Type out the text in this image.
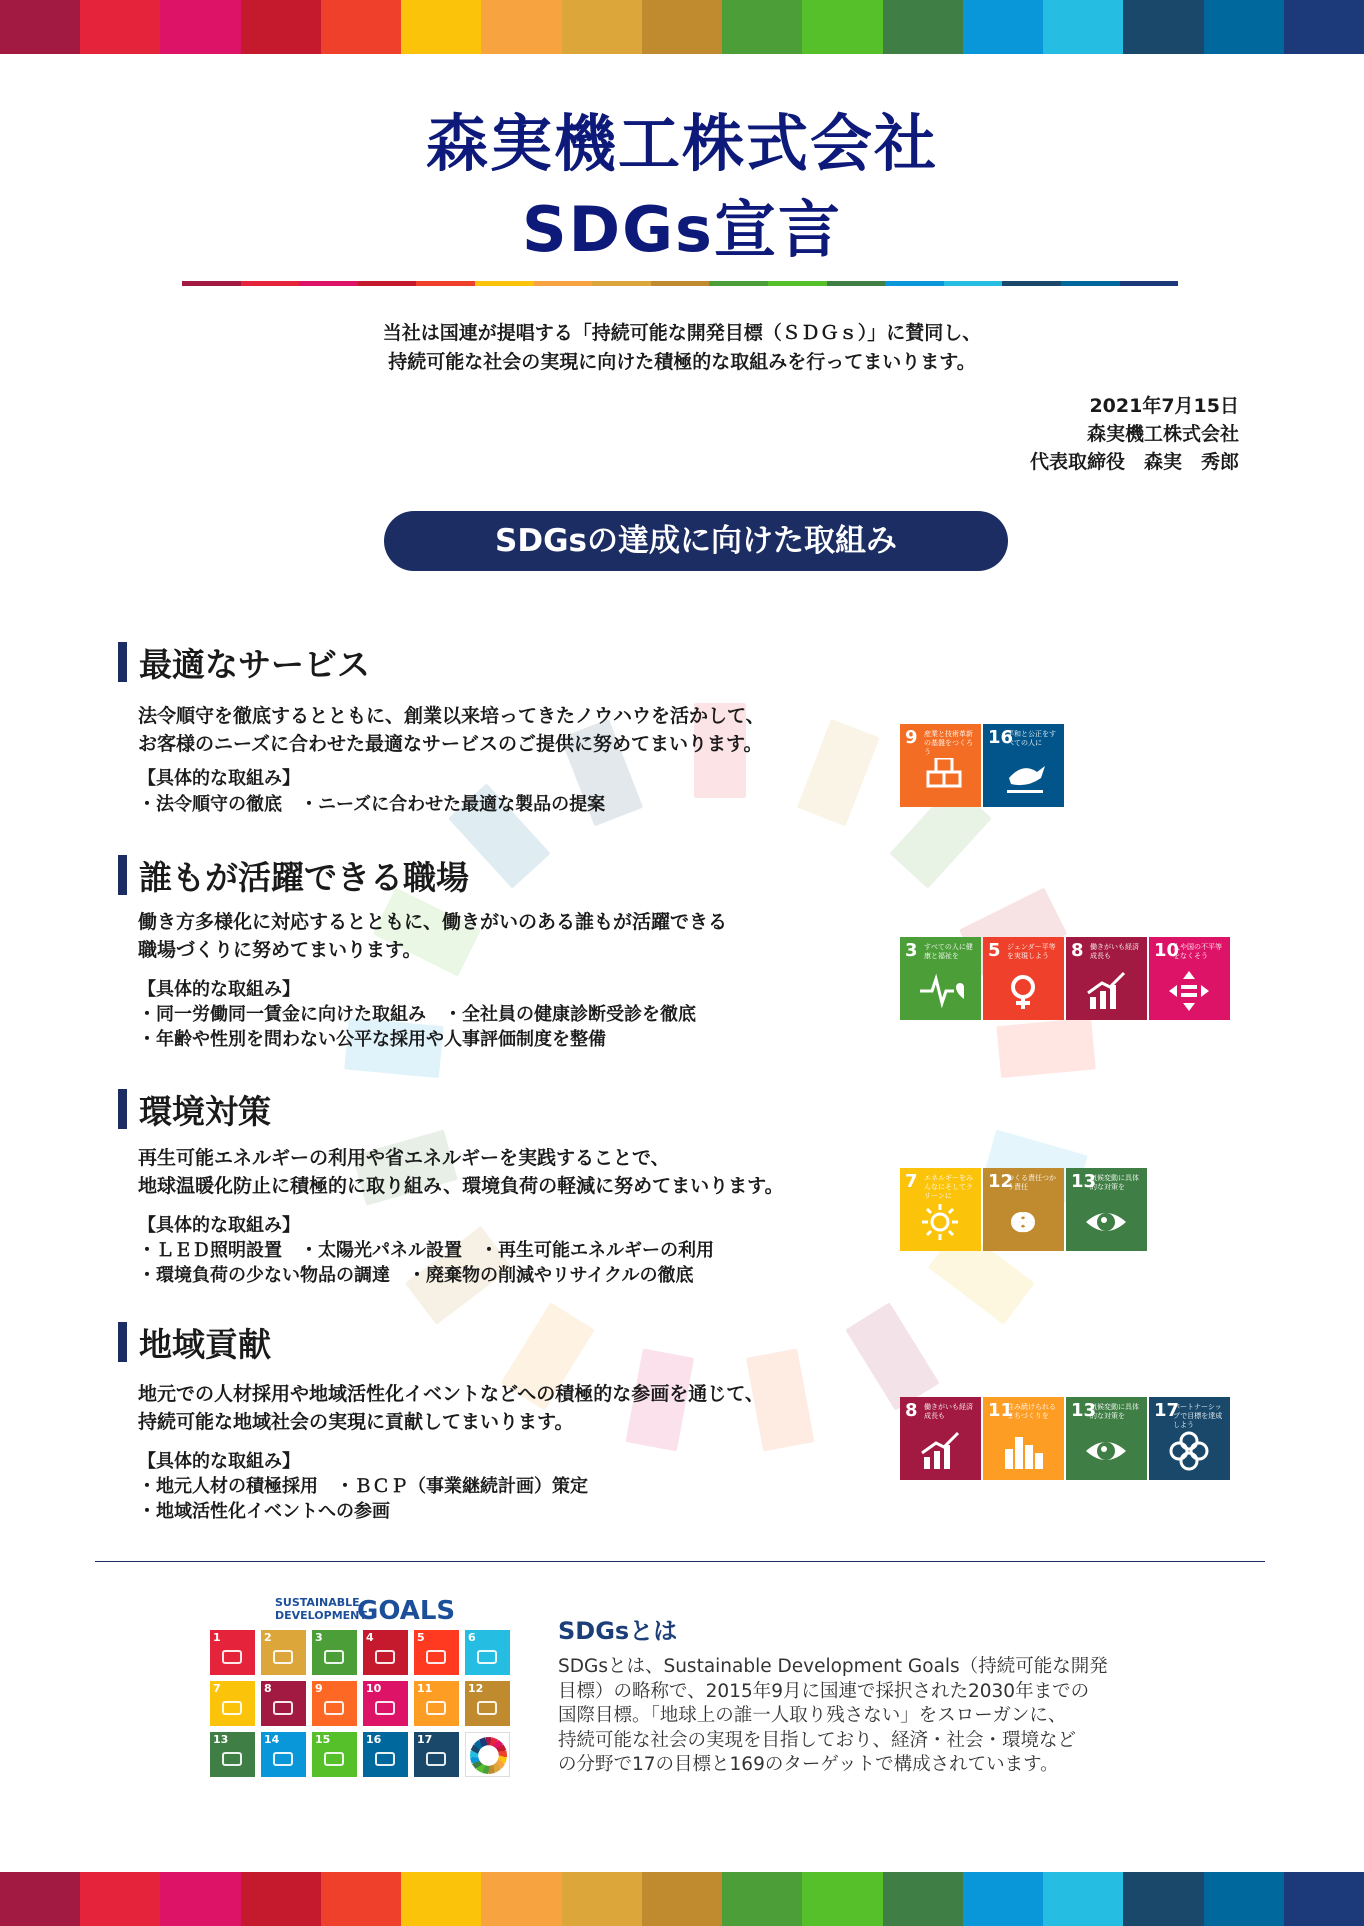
森実機工株式会社
SDGs宣言
当社は国連が提唱する「持続可能な開発目標（ＳＤＧｓ）」に賛同し、
持続可能な社会の実現に向けた積極的な取組みを行ってまいります。
2021年7月15日
森実機工株式会社
代表取締役　森実　秀郎
SDGsの達成に向けた取組み
最適なサービス
法令順守を徹底するとともに、創業以来培ってきたノウハウを活かして、
お客様のニーズに合わせた最適なサービスのご提供に努めてまいります。
【具体的な取組み】
・法令順守の徹底　・ニーズに合わせた最適な製品の提案
9 産業と技術革新の基盤をつくろう
16
平和と公正をすべての人に
誰もが活躍できる職場
働き方多様化に対応するとともに、働きがいのある誰もが活躍できる
職場づくりに努めてまいります。
【具体的な取組み】
・同一労働同一賃金に向けた取組み　・全社員の健康診断受診を徹底
・年齢や性別を問わない公平な採用や人事評価制度を整備
3 すべての人に健康と福祉を	5 ジェンダー平等を実現しよう	8 働きがいも経済成長も	10
人や国の不平等をなくそう
環境対策
再生可能エネルギーの利用や省エネルギーを実践することで、
地球温暖化防止に積極的に取り組み、環境負荷の軽減に努めてまいります。
【具体的な取組み】
・ＬＥＤ照明設置　・太陽光パネル設置　・再生可能エネルギーの利用
・環境負荷の少ない物品の調達　・廃棄物の削減やリサイクルの徹底
7 エネルギーをみんなにそしてクリーンに
12
つくる責任つかう責任	13
気候変動に具体的な対策を
地域貢献
地元での人材採用や地域活性化イベントなどへの積極的な参画を通じて、
持続可能な地域社会の実現に貢献してまいります。
【具体的な取組み】
・地元人材の積極採用　・ＢＣＰ（事業継続計画）策定
・地域活性化イベントへの参画
8 働きがいも経済成長も	11
住み続けられるまちづくりを	13
気候変動に具体的な対策を	17
パートナーシップで目標を達成しよう
SUSTAINABLE
DEVELOPMENT
GOALS
1	2	3	4	5	6
7	8	9	10	11	12
13	14	15	16	17
SDGsとは
SDGsとは、Sustainable Development Goals（持続可能な開発
目標）の略称で、2015年9月に国連で採択された2030年までの
国際目標。「地球上の誰一人取り残さない」をスローガンに、
持続可能な社会の実現を目指しており、経済・社会・環境など
の分野で17の目標と169のターゲットで構成されています。
